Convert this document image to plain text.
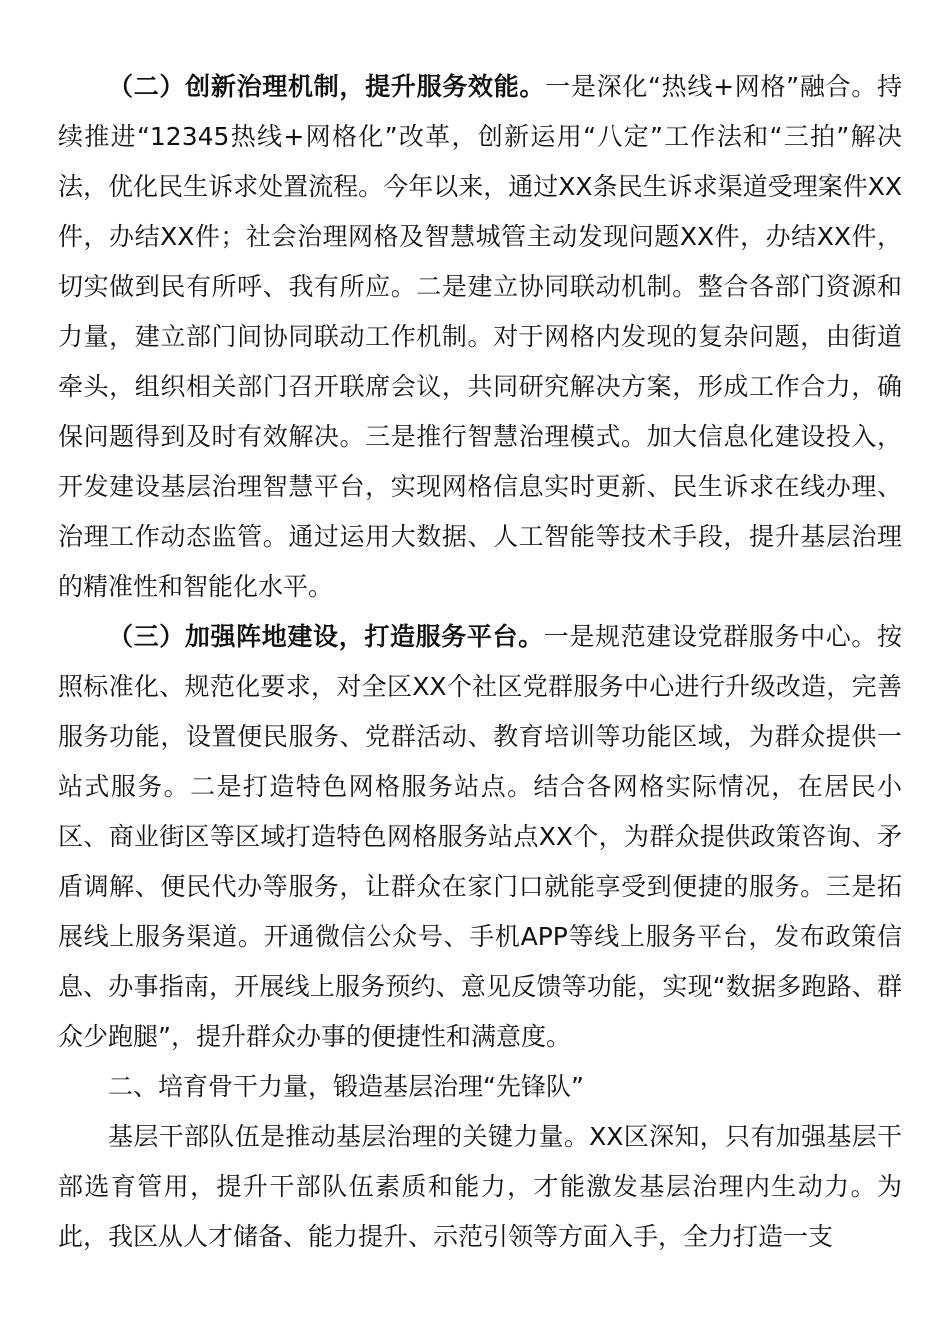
（二）创新治理机制，提升服务效能。一是深化“热线+网格”融合。持续推进“12345热线+网格化”改革，创新运用“八定”工作法和“三拍”解决法，优化民生诉求处置流程。今年以来，通过XX条民生诉求渠道受理案件XX件，办结XX件；社会治理网格及智慧城管主动发现问题XX件，办结XX件，切实做到民有所呼、我有所应。二是建立协同联动机制。整合各部门资源和力量，建立部门间协同联动工作机制。对于网格内发现的复杂问题，由街道牵头，组织相关部门召开联席会议，共同研究解决方案，形成工作合力，确保问题得到及时有效解决。三是推行智慧治理模式。加大信息化建设投入，开发建设基层治理智慧平台，实现网格信息实时更新、民生诉求在线办理、治理工作动态监管。通过运用大数据、人工智能等技术手段，提升基层治理的精准性和智能化水平。

（三）加强阵地建设，打造服务平台。一是规范建设党群服务中心。按照标准化、规范化要求，对全区XX个社区党群服务中心进行升级改造，完善服务功能，设置便民服务、党群活动、教育培训等功能区域，为群众提供一站式服务。二是打造特色网格服务站点。结合各网格实际情况，在居民小区、商业街区等区域打造特色网格服务站点XX个，为群众提供政策咨询、矛盾调解、便民代办等服务，让群众在家门口就能享受到便捷的服务。三是拓展线上服务渠道。开通微信公众号、手机APP等线上服务平台，发布政策信息、办事指南，开展线上服务预约、意见反馈等功能，实现“数据多跑路、群众少跑腿”，提升群众办事的便捷性和满意度。

二、培育骨干力量，锻造基层治理“先锋队”

基层干部队伍是推动基层治理的关键力量。XX区深知，只有加强基层干部选育管用，提升干部队伍素质和能力，才能激发基层治理内生动力。为此，我区从人才储备、能力提升、示范引领等方面入手，全力打造一支
